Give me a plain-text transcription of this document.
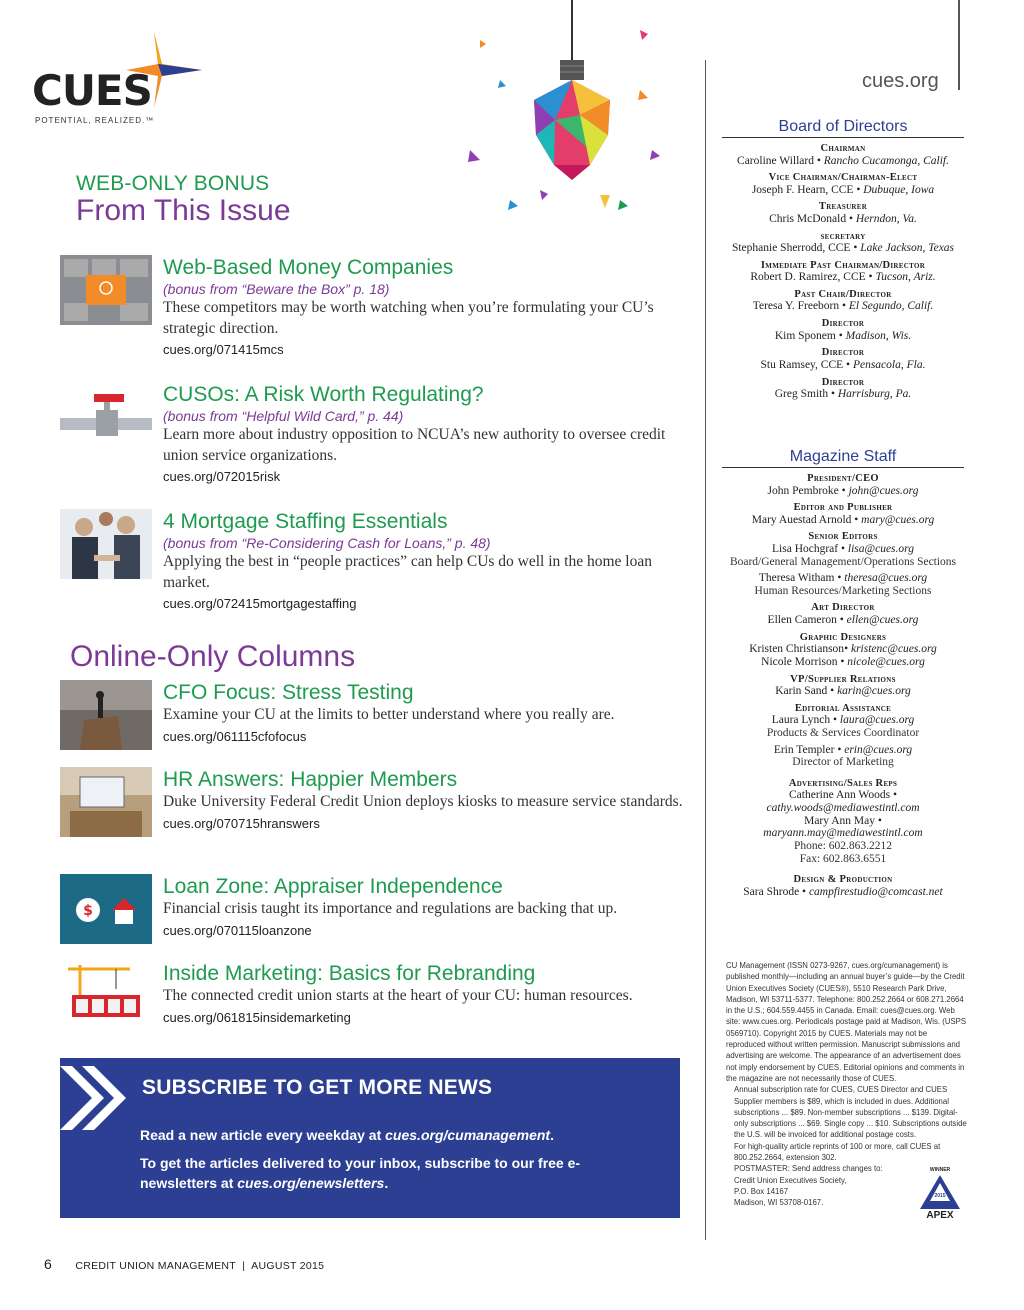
CUES
POTENTIAL, REALIZED.™
WEB-ONLY BONUS
From This Issue
Web-Based Money Companies
(bonus from “Beware the Box” p. 18)
These competitors may be worth watching when you’re formulating your CU’s strategic direction.
cues.org/071415mcs
CUSOs: A Risk Worth Regulating?
(bonus from “Helpful Wild Card,” p. 44)
Learn more about industry opposition to NCUA’s new authority to oversee credit union service organizations.
cues.org/072015risk
4 Mortgage Staffing Essentials
(bonus from “Re-Considering Cash for Loans,” p. 48)
Applying the best in “people practices” can help CUs do well in the home loan market.
cues.org/072415mortgagestaffing
Online-Only Columns
CFO Focus: Stress Testing
Examine your CU at the limits to better understand where you really are.
cues.org/061115cfofocus
HR Answers: Happier Members
Duke University Federal Credit Union deploys kiosks to measure service standards.
cues.org/070715hranswers
$
Loan Zone: Appraiser Independence
Financial crisis taught its importance and regulations are backing that up.
cues.org/070115loanzone
Inside Marketing: Basics for Rebranding
The connected credit union starts at the heart of your CU: human resources.
cues.org/061815insidemarketing
SUBSCRIBE TO GET MORE NEWS
Read a new article every weekday at cues.org/cumanagement.
To get the articles delivered to your inbox, subscribe to our free e-newsletters at cues.org/enewsletters.
6 CREDIT UNION MANAGEMENT | AUGUST 2015
cues.org
Board of Directors
Chairman
Caroline Willard • Rancho Cucamonga, Calif.
Vice Chairman/Chairman-Elect
Joseph F. Hearn, CCE • Dubuque, Iowa
Treasurer
Chris McDonald • Herndon, Va.
secretary
Stephanie Sherrodd, CCE • Lake Jackson, Texas
Immediate Past Chairman/Director
Robert D. Ramirez, CCE • Tucson, Ariz.
Past Chair/Director
Teresa Y. Freeborn • El Segundo, Calif.
Director
Kim Sponem • Madison, Wis.
Director
Stu Ramsey, CCE • Pensacola, Fla.
Director
Greg Smith • Harrisburg, Pa.
Magazine Staff
President/CEO
John Pembroke • john@cues.org
Editor and Publisher
Mary Auestad Arnold • mary@cues.org
Senior Editors
Lisa Hochgraf • lisa@cues.org
Board/General Management/Operations Sections
Theresa Witham • theresa@cues.org
Human Resources/Marketing Sections
Art Director
Ellen Cameron • ellen@cues.org
Graphic Designers
Kristen Christianson• kristenc@cues.org
Nicole Morrison • nicole@cues.org
VP/Supplier Relations
Karin Sand • karin@cues.org
Editorial Assistance
Laura Lynch • laura@cues.org
Products & Services Coordinator
Erin Templer • erin@cues.org
Director of Marketing
Advertising/Sales Reps
Catherine Ann Woods •
cathy.woods@mediawestintl.com
Mary Ann May •
maryann.may@mediawestintl.com
Phone: 602.863.2212
Fax: 602.863.6551
Design & Production
Sara Shrode • campfirestudio@comcast.net

CU Management (ISSN 0273-9267, cues.org/cumanagement) is published monthly—including an annual buyer’s guide—by the Credit Union Executives Society (CUES®), 5510 Research Park Drive, Madison, WI 53711-5377. Telephone: 800.252.2664 or 608.271.2664 in the U.S.; 604.559.4455 in Canada. Email: cues@cues.org. Web site: www.cues.org. Periodicals postage paid at Madison, Wis. (USPS 0569710). Copyright 2015 by CUES. Materials may not be reproduced without written permission. Manuscript submissions and advertising are welcome. The appearance of an advertisement does not imply endorsement by CUES. Editorial opinions and comments in the magazine are not necessarily those of CUES.

Annual subscription rate for CUES, CUES Director and CUES Supplier members is $89, which is included in dues. Additional subscriptions ... $89. Non-member subscriptions ... $139. Digital-only subscriptions ... $69. Single copy ... $10. Subscriptions outside the U.S. will be invoiced for additional postage costs.

For high-quality article reprints of 100 or more, call CUES at 800.252.2664, extension 302.

POSTMASTER: Send address changes to:

Credit Union Executives Society,

P.O. Box 14167

Madison, WI 53708-0167.

WINNER
2015
APEX
